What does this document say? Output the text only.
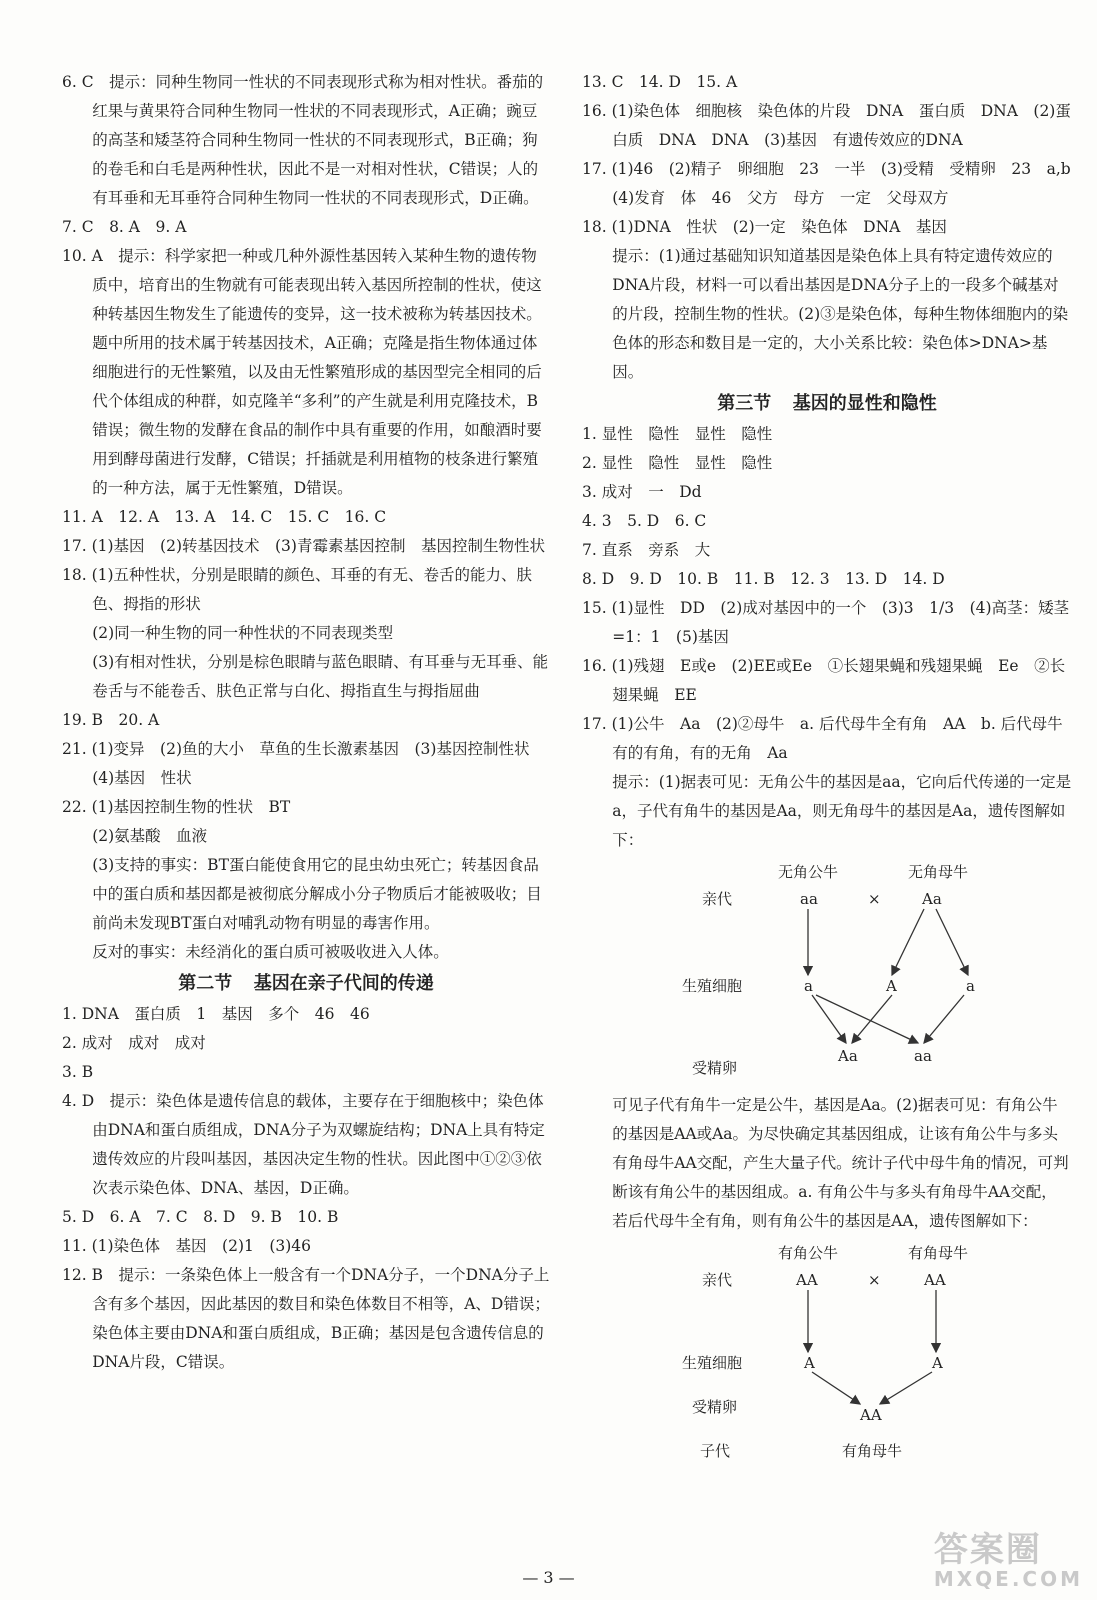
6. C　提示：同种生物同一性状的不同表现形式称为相对性状。番茄的红果与黄果符合同种生物同一性状的不同表现形式，A正确；豌豆的高茎和矮茎符合同种生物同一性状的不同表现形式，B正确；狗的卷毛和白毛是两种性状，因此不是一对相对性状，C错误；人的有耳垂和无耳垂符合同种生物同一性状的不同表现形式，D正确。

7. C　8. A　9. A

10. A　提示：科学家把一种或几种外源性基因转入某种生物的遗传物质中，培育出的生物就有可能表现出转入基因所控制的性状，使这种转基因生物发生了能遗传的变异，这一技术被称为转基因技术。题中所用的技术属于转基因技术，A正确；克隆是指生物体通过体细胞进行的无性繁殖，以及由无性繁殖形成的基因型完全相同的后代个体组成的种群，如克隆羊“多利”的产生就是利用克隆技术，B错误；微生物的发酵在食品的制作中具有重要的作用，如酿酒时要用到酵母菌进行发酵，C错误；扦插就是利用植物的枝条进行繁殖的一种方法，属于无性繁殖，D错误。

11. A　12. A　13. A　14. C　15. C　16. C

17. (1)基因　(2)转基因技术　(3)青霉素基因控制　基因控制生物性状

18. (1)五种性状，分别是眼睛的颜色、耳垂的有无、卷舌的能力、肤色、拇指的形状

(2)同一种生物的同一种性状的不同表现类型

(3)有相对性状，分别是棕色眼睛与蓝色眼睛、有耳垂与无耳垂、能卷舌与不能卷舌、肤色正常与白化、拇指直生与拇指屈曲

19. B　20. A

21. (1)变异　(2)鱼的大小　草鱼的生长激素基因　(3)基因控制性状　(4)基因　性状

22. (1)基因控制生物的性状　BT

(2)氨基酸　血液

(3)支持的事实：BT蛋白能使食用它的昆虫幼虫死亡；转基因食品中的蛋白质和基因都是被彻底分解成小分子物质后才能被吸收；目前尚未发现BT蛋白对哺乳动物有明显的毒害作用。

反对的事实：未经消化的蛋白质可被吸收进入人体。

第二节 基因在亲子代间的传递

1. DNA　蛋白质　1　基因　多个　46　46

2. 成对　成对　成对

3. B

4. D　提示：染色体是遗传信息的载体，主要存在于细胞核中；染色体由DNA和蛋白质组成，DNA分子为双螺旋结构；DNA上具有特定遗传效应的片段叫基因，基因决定生物的性状。因此图中①②③依次表示染色体、DNA、基因，D正确。

5. D　6. A　7. C　8. D　9. B　10. B

11. (1)染色体　基因　(2)1　(3)46

12. B　提示：一条染色体上一般含有一个DNA分子，一个DNA分子上含有多个基因，因此基因的数目和染色体数目不相等，A、D错误；染色体主要由DNA和蛋白质组成，B正确；基因是包含遗传信息的DNA片段，C错误。

13. C　14. D　15. A

16. (1)染色体　细胞核　染色体的片段　DNA　蛋白质　DNA　(2)蛋白质　DNA　DNA　(3)基因　有遗传效应的DNA

17. (1)46　(2)精子　卵细胞　23　一半　(3)受精　受精卵　23　a,b　(4)发育　体　46　父方　母方　一定　父母双方

18. (1)DNA　性状　(2)一定　染色体　DNA　基因

提示：(1)通过基础知识知道基因是染色体上具有特定遗传效应的DNA片段，材料一可以看出基因是DNA分子上的一段多个碱基对的片段，控制生物的性状。(2)③是染色体，每种生物体细胞内的染色体的形态和数目是一定的，大小关系比较：染色体>DNA>基因。

第三节 基因的显性和隐性

1. 显性　隐性　显性　隐性

2. 显性　隐性　显性　隐性

3. 成对　一　Dd

4. 3　5. D　6. C

7. 直系　旁系　大

8. D　9. D　10. B　11. B　12. 3　13. D　14. D

15. (1)显性　DD　(2)成对基因中的一个　(3)3　1/3　(4)高茎：矮茎=1：1　(5)基因

16. (1)残翅　E或e　(2)EE或Ee　①长翅果蝇和残翅果蝇　Ee　②长翅果蝇　EE

17. (1)公牛　Aa　(2)②母牛　a. 后代母牛全有角　AA　b. 后代母牛有的有角，有的无角　Aa

提示：(1)据表可见：无角公牛的基因是aa，它向后代传递的一定是a，子代有角牛的基因是Aa，则无角母牛的基因是Aa，遗传图解如下：

无角公牛	无角母牛
亲代	aa	×	Aa
生殖细胞	a	A	a
受精卵
Aa	aa

可见子代有角牛一定是公牛，基因是Aa。(2)据表可见：有角公牛的基因是AA或Aa。为尽快确定其基因组成，让该有角公牛与多头有角母牛AA交配，产生大量子代。统计子代中母牛角的情况，可判断该有角公牛的基因组成。a. 有角公牛与多头有角母牛AA交配，若后代母牛全有角，则有角公牛的基因是AA，遗传图解如下：

有角公牛	有角母牛
亲代	AA	×	AA
生殖细胞	A	A
受精卵	AA
子代	有角母牛
— 3 —
答案圈
MXQE.COM
